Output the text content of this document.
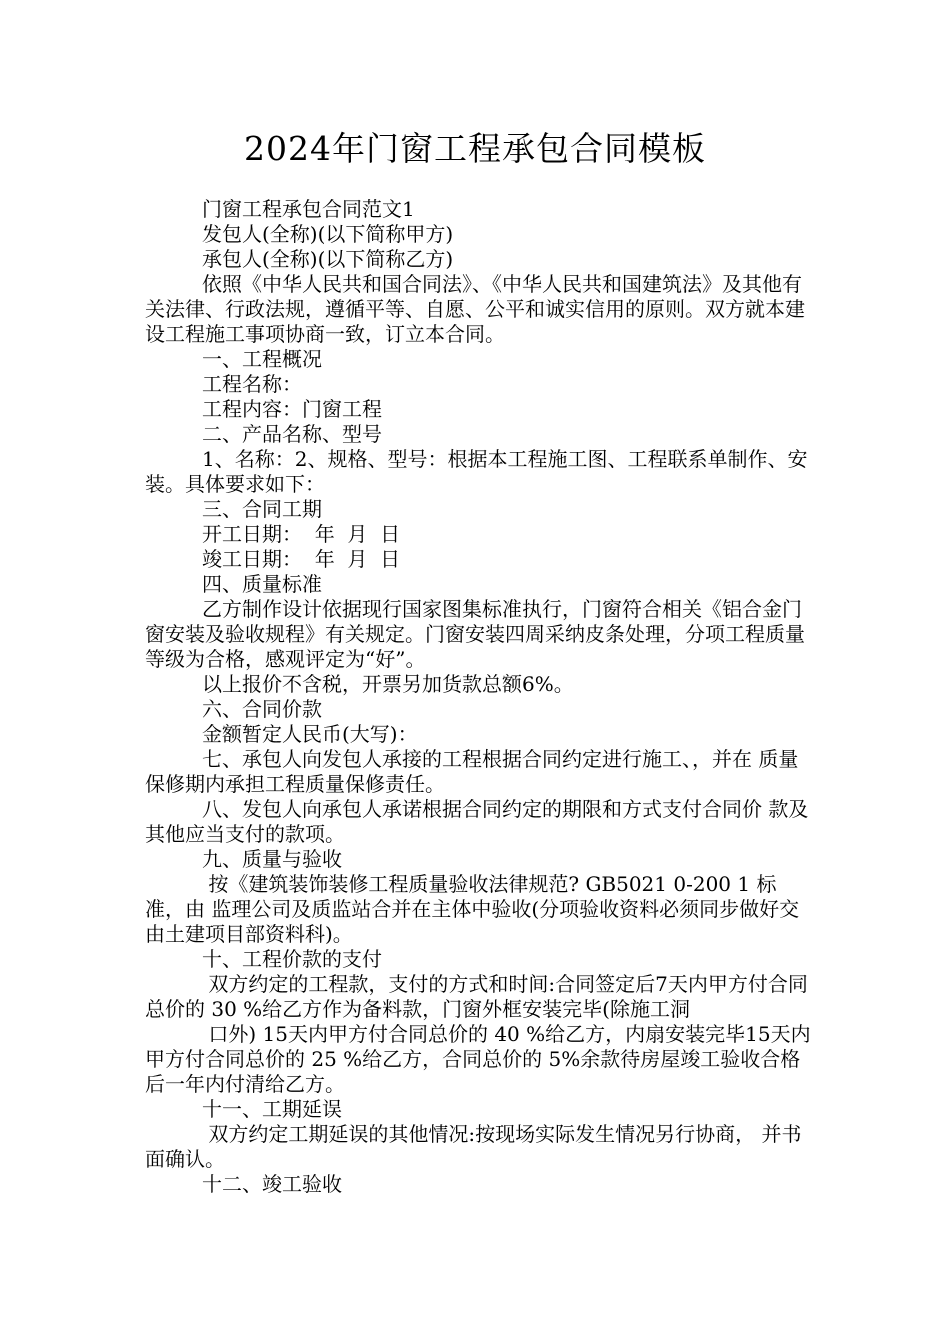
2024年门窗工程承包合同模板

门窗工程承包合同范文1

发包人(全称)(以下简称甲方)

承包人(全称)(以下简称乙方)

依照《中华人民共和国合同法》、《中华人民共和国建筑法》及其他有关法律、行政法规，遵循平等、自愿、公平和诚实信用的原则。双方就本建设工程施工事项协商一致，订立本合同。

一、工程概况

工程名称：

工程内容：门窗工程

二、产品名称、型号

1、名称：2、规格、型号：根据本工程施工图、工程联系单制作、安装。具体要求如下：

三、合同工期

开工日期：  年  月  日

竣工日期：  年  月  日

四、质量标准

乙方制作设计依据现行国家图集标准执行，门窗符合相关《铝合金门窗安装及验收规程》有关规定。门窗安装四周采纳皮条处理，分项工程质量等级为合格，感观评定为“好”。

以上报价不含税，开票另加货款总额6%。

六、合同价款

金额暂定人民币(大写)：

七、承包人向发包人承接的工程根据合同约定进行施工、，并在 质量保修期内承担工程质量保修责任。

八、发包人向承包人承诺根据合同约定的期限和方式支付合同价 款及其他应当支付的款项。

九、质量与验收

按《建筑装饰装修工程质量验收法律规范? GB5021 0-200 1 标准，由 监理公司及质监站合并在主体中验收(分项验收资料必须同步做好交由土建项目部资料科)。

十、工程价款的支付

双方约定的工程款，支付的方式和时间:合同签定后7天内甲方付合同总价的 30 %给乙方作为备料款，门窗外框安装完毕(除施工洞

口外) 15天内甲方付合同总价的 40 %给乙方，内扇安装完毕15天内甲方付合同总价的 25 %给乙方，合同总价的 5%余款待房屋竣工验收合格后一年内付清给乙方。

十一、工期延误

双方约定工期延误的其他情况:按现场实际发生情况另行协商， 并书面确认。

十二、竣工验收
